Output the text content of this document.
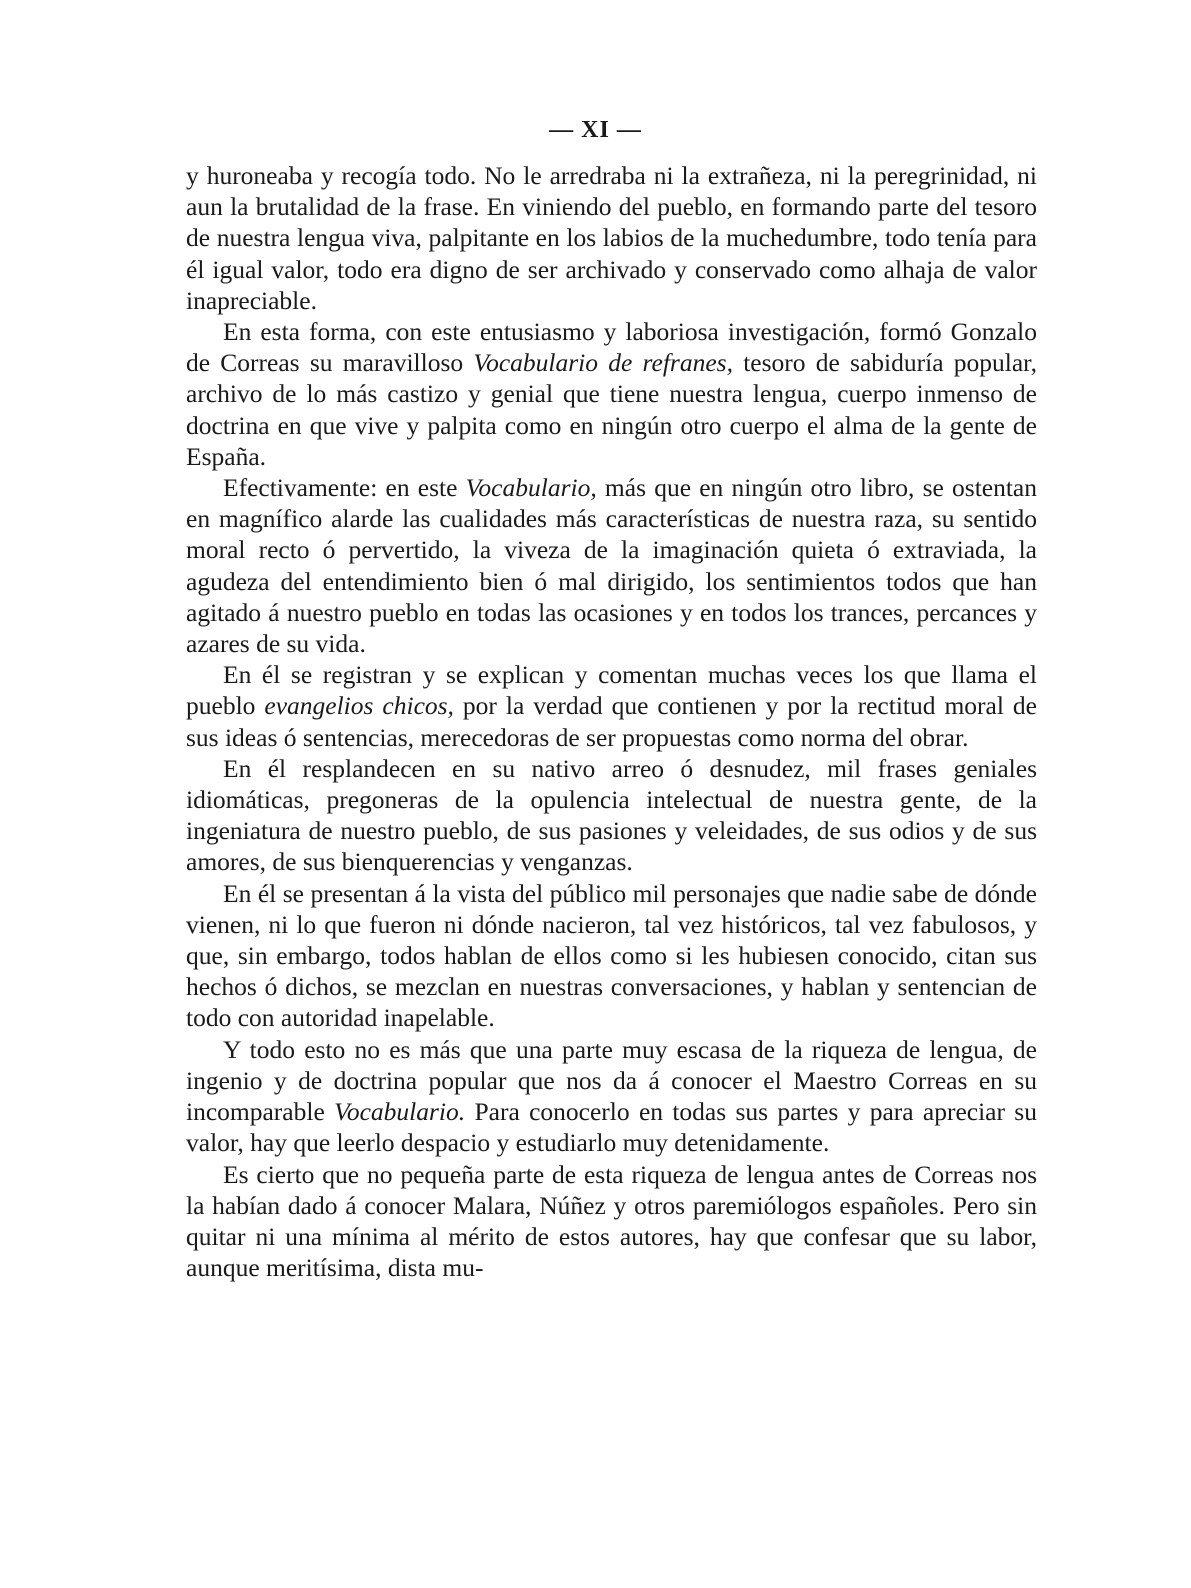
— XI —

y huroneaba y recogía todo. No le arredraba ni la extrañeza, ni la peregrinidad, ni aun la brutalidad de la frase. En viniendo del pueblo, en formando parte del tesoro de nuestra lengua viva, palpitante en los labios de la muchedumbre, todo tenía para él igual valor, todo era digno de ser archivado y conservado como alhaja de valor inapreciable.

En esta forma, con este entusiasmo y laboriosa investigación, formó Gonzalo de Correas su maravilloso Vocabulario de refranes, tesoro de sabiduría popular, archivo de lo más castizo y genial que tiene nuestra lengua, cuerpo inmenso de doctrina en que vive y palpita como en ningún otro cuerpo el alma de la gente de España.

Efectivamente: en este Vocabulario, más que en ningún otro libro, se ostentan en magnífico alarde las cualidades más características de nuestra raza, su sentido moral recto ó pervertido, la viveza de la imaginación quieta ó extraviada, la agudeza del entendimiento bien ó mal dirigido, los sentimientos todos que han agitado á nuestro pueblo en todas las ocasiones y en todos los trances, percances y azares de su vida.

En él se registran y se explican y comentan muchas veces los que llama el pueblo evangelios chicos, por la verdad que contienen y por la rectitud moral de sus ideas ó sentencias, merecedoras de ser propuestas como norma del obrar.

En él resplandecen en su nativo arreo ó desnudez, mil frases geniales idiomáticas, pregoneras de la opulencia intelectual de nuestra gente, de la ingeniatura de nuestro pueblo, de sus pasiones y veleidades, de sus odios y de sus amores, de sus bienquerencias y venganzas.

En él se presentan á la vista del público mil personajes que nadie sabe de dónde vienen, ni lo que fueron ni dónde nacieron, tal vez históricos, tal vez fabulosos, y que, sin embargo, todos hablan de ellos como si les hubiesen conocido, citan sus hechos ó dichos, se mezclan en nuestras conversaciones, y hablan y sentencian de todo con autoridad inapelable.

Y todo esto no es más que una parte muy escasa de la riqueza de lengua, de ingenio y de doctrina popular que nos da á conocer el Maestro Correas en su incomparable Vocabulario. Para conocerlo en todas sus partes y para apreciar su valor, hay que leerlo despacio y estudiarlo muy detenidamente.

Es cierto que no pequeña parte de esta riqueza de lengua antes de Correas nos la habían dado á conocer Malara, Núñez y otros paremiólogos españoles. Pero sin quitar ni una mínima al mérito de estos autores, hay que confesar que su labor, aunque meritísima, dista mu-
